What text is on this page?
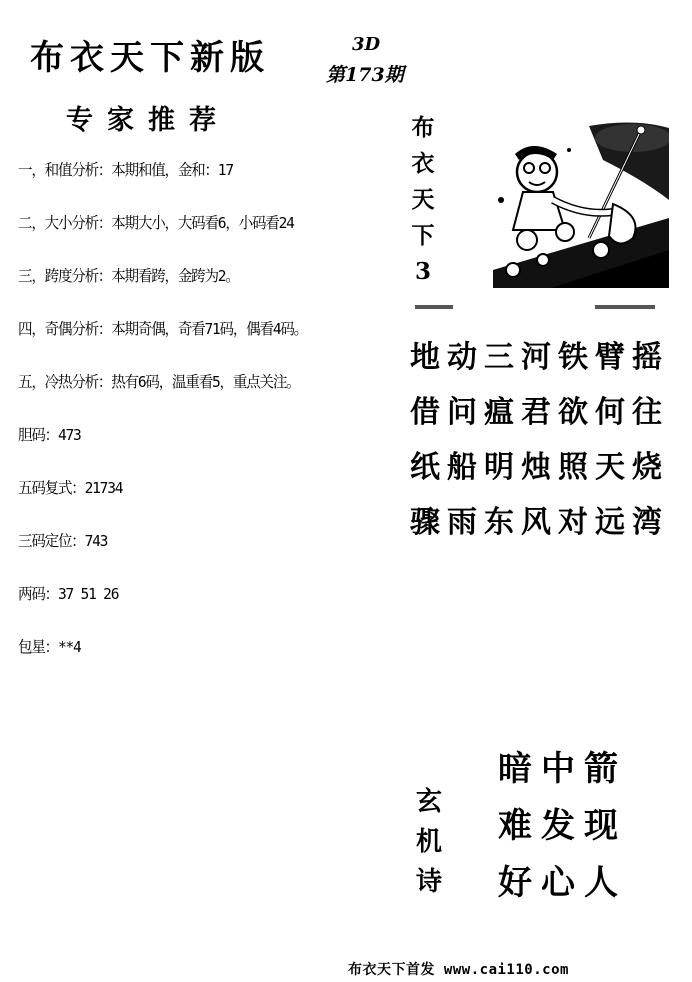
布衣天下新版	3D
第173期
专家推荐
一，和值分析：本期和值，金和：17
二，大小分析：本期大小，大码看6，小码看24
三，跨度分析：本期看跨，金跨为2。
四，奇偶分析：本期奇偶，奇看71码，偶看4码。
五，冷热分析：热有6码，温重看5，重点关注。
胆码：473
五码复式：21734
三码定位：743
两码：37 51 26
包星：**4
布
衣
天
下
3
地动三河铁臂摇
借问瘟君欲何往
纸船明烛照天烧
骤雨东风对远湾
玄
机
诗
暗中箭
难发现
好心人
布衣天下首发 www.cai110.com
